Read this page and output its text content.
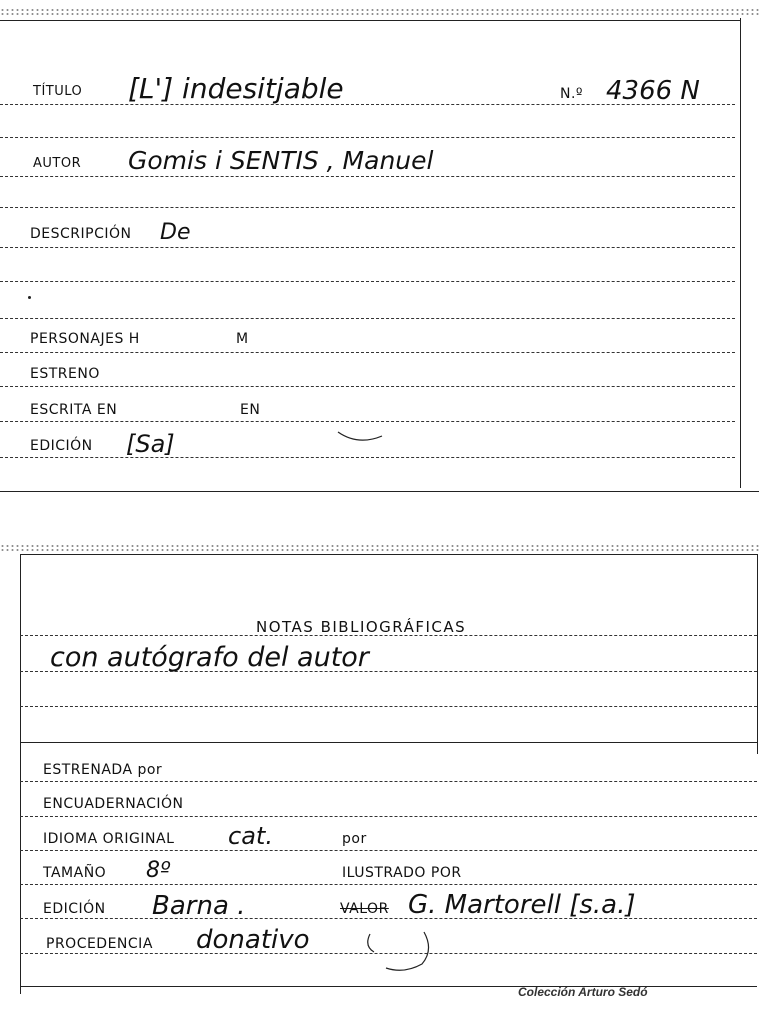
TÍTULO [L'] indesitjable	N.º 4366 N
AUTOR Gomis i SENTIS , Manuel
DESCRIPCIÓN De
PERSONAJES H	M
ESTRENO
ESCRITA EN	EN
EDICIÓN [Sa]
NOTAS BIBLIOGRÁFICAS
con autógrafo del autor
ESTRENADA por
ENCUADERNACIÓN
IDIOMA ORIGINAL cat.	por
TAMAÑO 8º	ILUSTRADO POR
EDICIÓN Barna .	VALOR G. Martorell [s.a.]
PROCEDENCIA donativo
Colección Arturo Sedó
